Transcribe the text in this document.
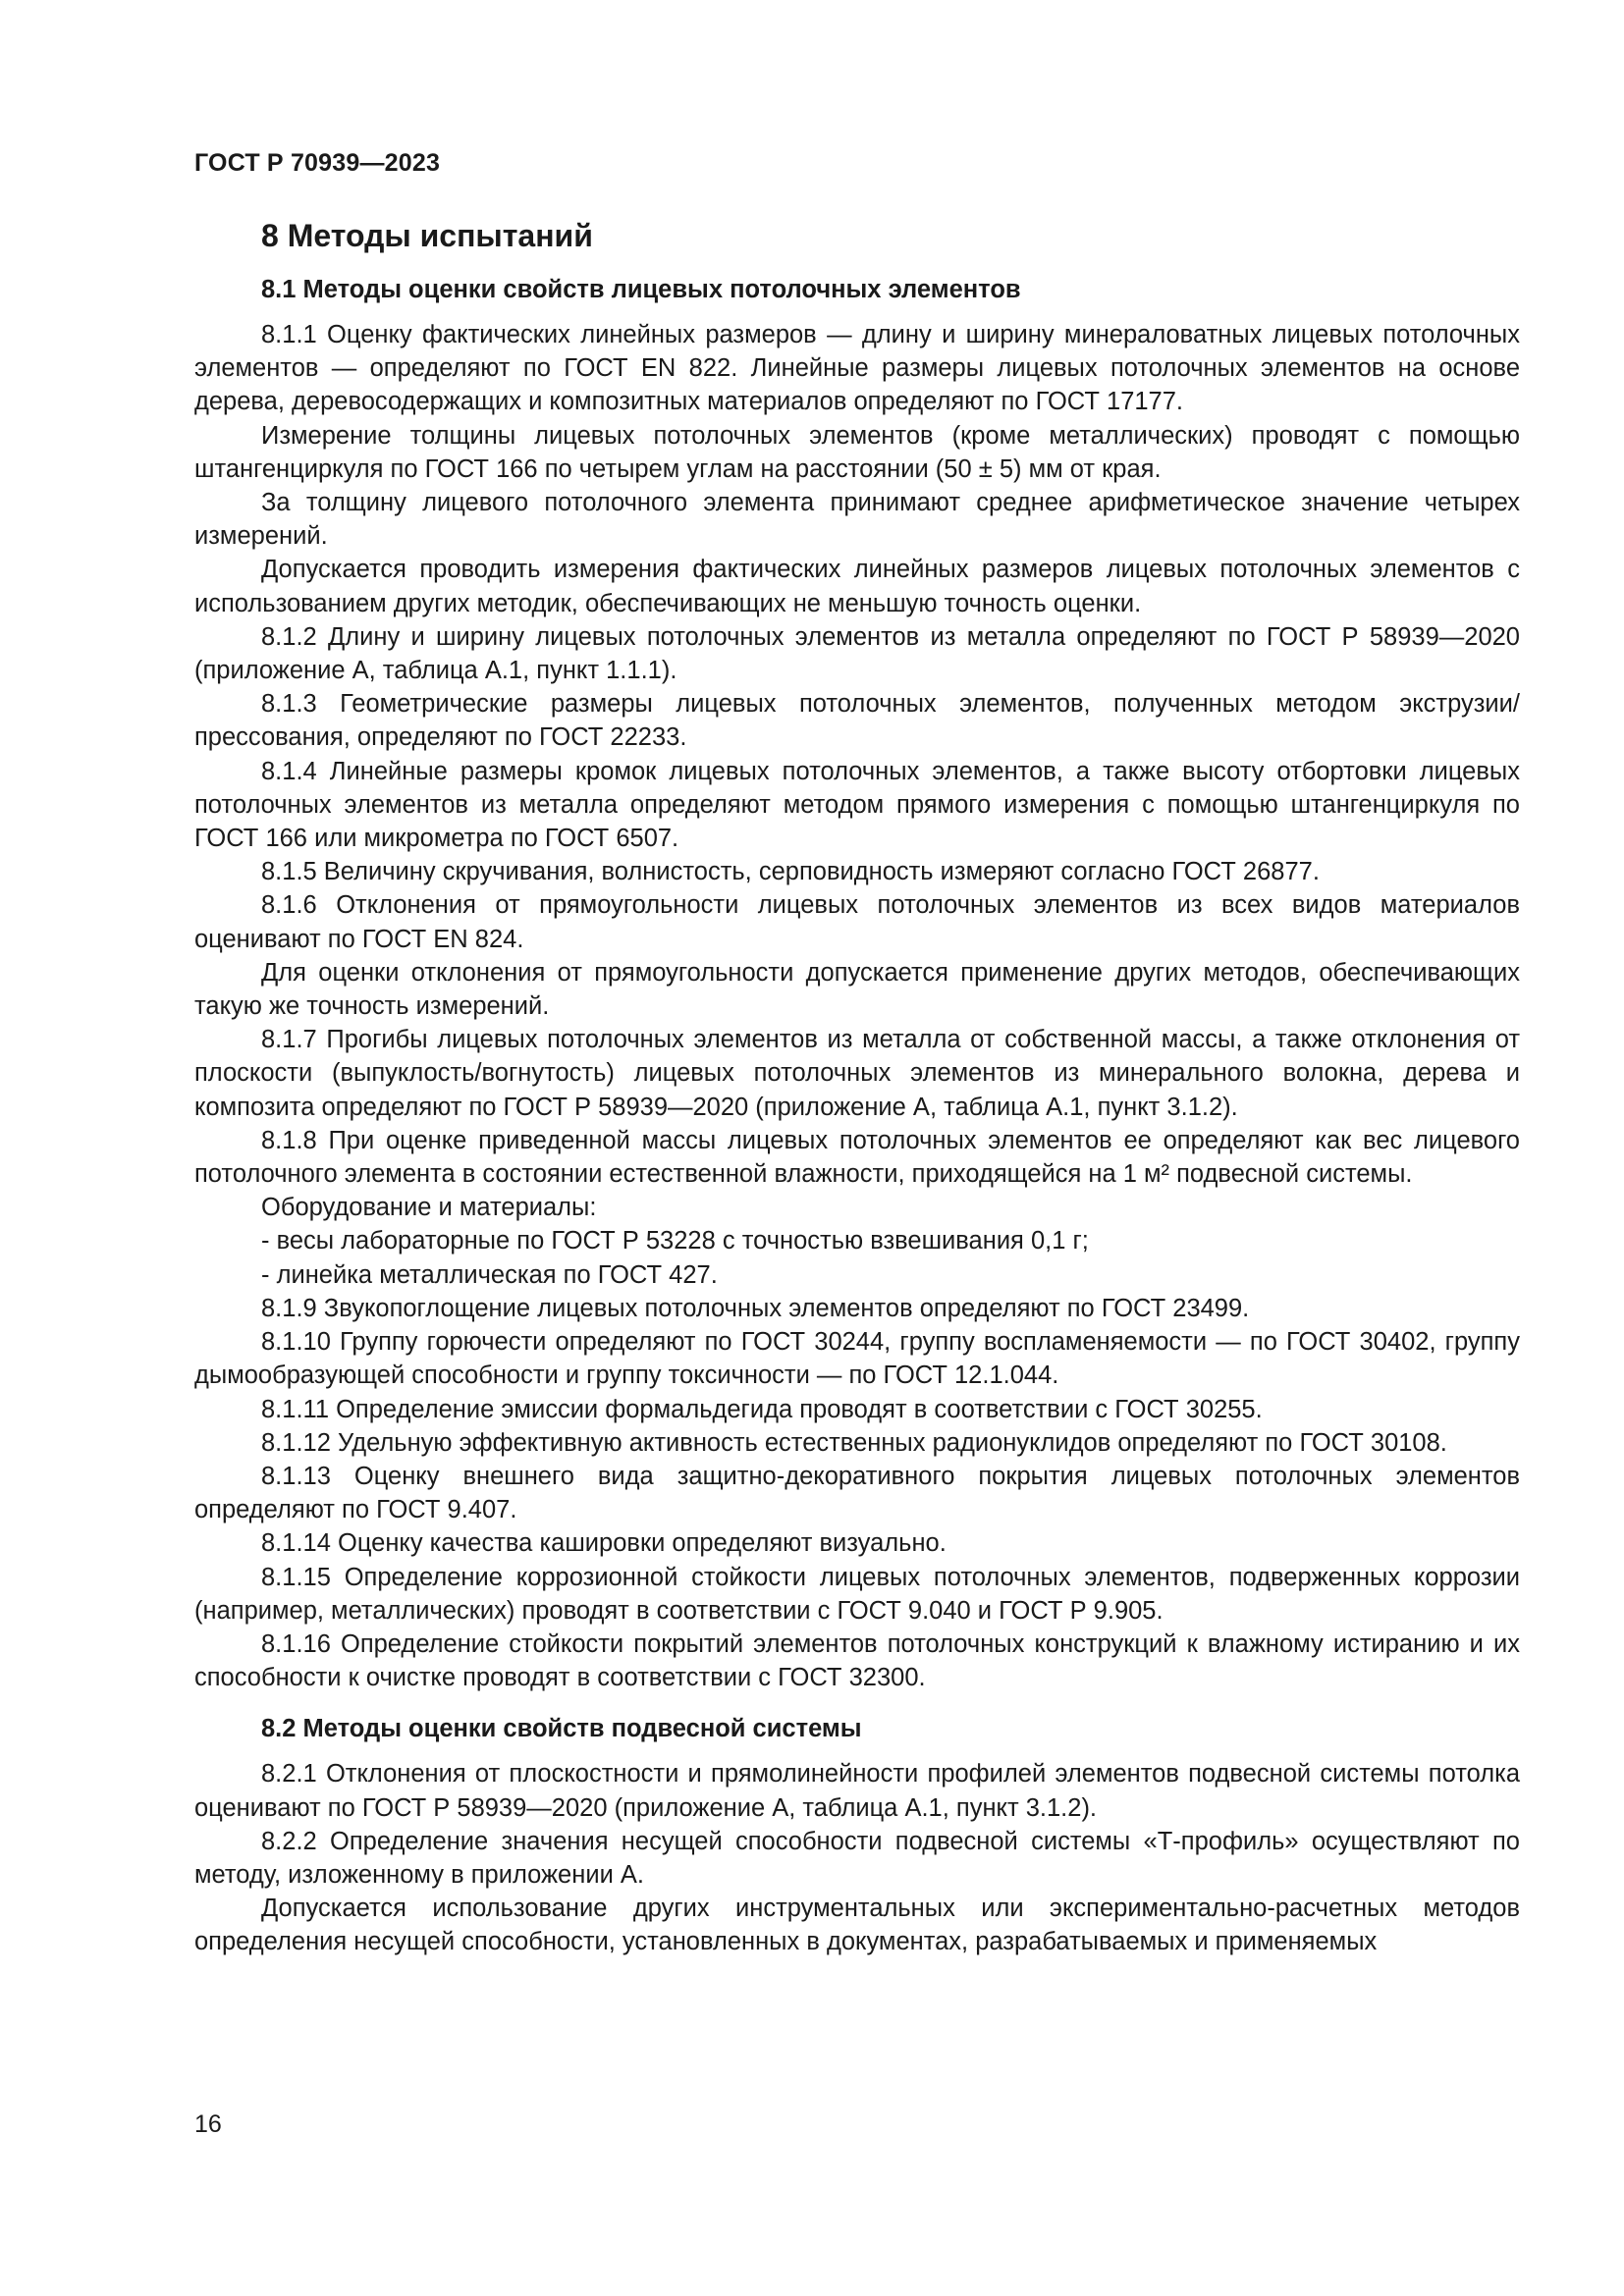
ГОСТ Р 70939—2023
8 Методы испытаний
8.1 Методы оценки свойств лицевых потолочных элементов

8.1.1 Оценку фактических линейных размеров — длину и ширину минераловатных лицевых потолочных элементов — определяют по ГОСТ EN 822. Линейные размеры лицевых потолочных элементов на основе дерева, деревосодержащих и композитных материалов определяют по ГОСТ 17177.

Измерение толщины лицевых потолочных элементов (кроме металлических) проводят с помощью штангенциркуля по ГОСТ 166 по четырем углам на расстоянии (50 ± 5) мм от края.

За толщину лицевого потолочного элемента принимают среднее арифметическое значение четырех измерений.

Допускается проводить измерения фактических линейных размеров лицевых потолочных элементов с использованием других методик, обеспечивающих не меньшую точность оценки.

8.1.2 Длину и ширину лицевых потолочных элементов из металла определяют по ГОСТ Р 58939—2020 (приложение А, таблица А.1, пункт 1.1.1).

8.1.3 Геометрические размеры лицевых потолочных элементов, полученных методом экструзии/прессования, определяют по ГОСТ 22233.

8.1.4 Линейные размеры кромок лицевых потолочных элементов, а также высоту отбортовки лицевых потолочных элементов из металла определяют методом прямого измерения с помощью штангенциркуля по ГОСТ 166 или микрометра по ГОСТ 6507.

8.1.5 Величину скручивания, волнистость, серповидность измеряют согласно ГОСТ 26877.

8.1.6 Отклонения от прямоугольности лицевых потолочных элементов из всех видов материалов оценивают по ГОСТ EN 824.

Для оценки отклонения от прямоугольности допускается применение других методов, обеспечивающих такую же точность измерений.

8.1.7 Прогибы лицевых потолочных элементов из металла от собственной массы, а также отклонения от плоскости (выпуклость/вогнутость) лицевых потолочных элементов из минерального волокна, дерева и композита определяют по ГОСТ Р 58939—2020 (приложение А, таблица А.1, пункт 3.1.2).

8.1.8 При оценке приведенной массы лицевых потолочных элементов ее определяют как вес лицевого потолочного элемента в состоянии естественной влажности, приходящейся на 1 м² подвесной системы.

Оборудование и материалы:

- весы лабораторные по ГОСТ Р 53228 с точностью взвешивания 0,1 г;
- линейка металлическая по ГОСТ 427.

8.1.9 Звукопоглощение лицевых потолочных элементов определяют по ГОСТ 23499.

8.1.10 Группу горючести определяют по ГОСТ 30244, группу воспламеняемости — по ГОСТ 30402, группу дымообразующей способности и группу токсичности — по ГОСТ 12.1.044.

8.1.11 Определение эмиссии формальдегида проводят в соответствии с ГОСТ 30255.

8.1.12 Удельную эффективную активность естественных радионуклидов определяют по ГОСТ 30108.

8.1.13 Оценку внешнего вида защитно-декоративного покрытия лицевых потолочных элементов определяют по ГОСТ 9.407.

8.1.14 Оценку качества кашировки определяют визуально.

8.1.15 Определение коррозионной стойкости лицевых потолочных элементов, подверженных коррозии (например, металлических) проводят в соответствии с ГОСТ 9.040 и ГОСТ Р 9.905.

8.1.16 Определение стойкости покрытий элементов потолочных конструкций к влажному истиранию и их способности к очистке проводят в соответствии с ГОСТ 32300.

8.2 Методы оценки свойств подвесной системы

8.2.1 Отклонения от плоскостности и прямолинейности профилей элементов подвесной системы потолка оценивают по ГОСТ Р 58939—2020 (приложение А, таблица А.1, пункт 3.1.2).

8.2.2 Определение значения несущей способности подвесной системы «Т-профиль» осуществляют по методу, изложенному в приложении А.

Допускается использование других инструментальных или экспериментально-расчетных методов определения несущей способности, установленных в документах, разрабатываемых и применяемых

16
